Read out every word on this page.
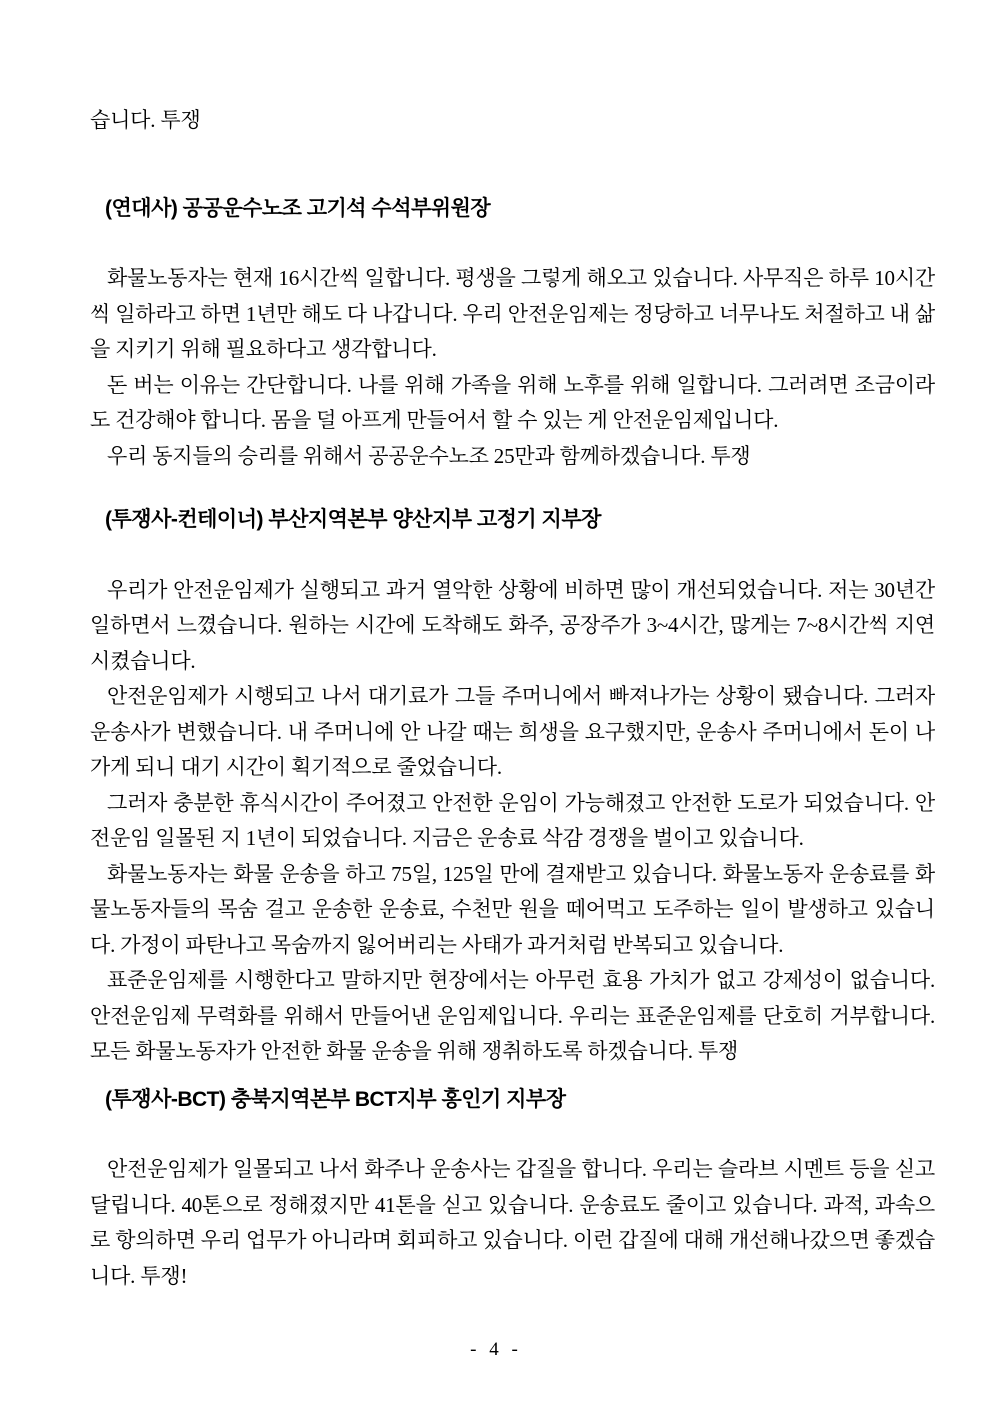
습니다. 투쟁

(연대사) 공공운수노조 고기석 수석부위원장

화물노동자는 현재 16시간씩 일합니다. 평생을 그렇게 해오고 있습니다. 사무직은 하루 10시간씩 일하라고 하면 1년만 해도 다 나갑니다. 우리 안전운임제는 정당하고 너무나도 처절하고 내 삶을 지키기 위해 필요하다고 생각합니다.

돈 버는 이유는 간단합니다. 나를 위해 가족을 위해 노후를 위해 일합니다. 그러려면 조금이라도 건강해야 합니다. 몸을 덜 아프게 만들어서 할 수 있는 게 안전운임제입니다.

우리 동지들의 승리를 위해서 공공운수노조 25만과 함께하겠습니다. 투쟁

(투쟁사-컨테이너) 부산지역본부 양산지부 고정기 지부장

우리가 안전운임제가 실행되고 과거 열악한 상황에 비하면 많이 개선되었습니다. 저는 30년간 일하면서 느꼈습니다. 원하는 시간에 도착해도 화주, 공장주가 3~4시간, 많게는 7~8시간씩 지연시켰습니다.

안전운임제가 시행되고 나서 대기료가 그들 주머니에서 빠져나가는 상황이 됐습니다. 그러자 운송사가 변했습니다. 내 주머니에 안 나갈 때는 희생을 요구했지만, 운송사 주머니에서 돈이 나가게 되니 대기 시간이 획기적으로 줄었습니다.

그러자 충분한 휴식시간이 주어졌고 안전한 운임이 가능해졌고 안전한 도로가 되었습니다. 안전운임 일몰된 지 1년이 되었습니다. 지금은 운송료 삭감 경쟁을 벌이고 있습니다.

화물노동자는 화물 운송을 하고 75일, 125일 만에 결재받고 있습니다. 화물노동자 운송료를 화물노동자들의 목숨 걸고 운송한 운송료, 수천만 원을 떼어먹고 도주하는 일이 발생하고 있습니다. 가정이 파탄나고 목숨까지 잃어버리는 사태가 과거처럼 반복되고 있습니다.

표준운임제를 시행한다고 말하지만 현장에서는 아무런 효용 가치가 없고 강제성이 없습니다. 안전운임제 무력화를 위해서 만들어낸 운임제입니다. 우리는 표준운임제를 단호히 거부합니다. 모든 화물노동자가 안전한 화물 운송을 위해 쟁취하도록 하겠습니다. 투쟁

(투쟁사-BCT) 충북지역본부 BCT지부 홍인기 지부장

안전운임제가 일몰되고 나서 화주나 운송사는 갑질을 합니다. 우리는 슬라브 시멘트 등을 싣고 달립니다. 40톤으로 정해졌지만 41톤을 싣고 있습니다. 운송료도 줄이고 있습니다. 과적, 과속으로 항의하면 우리 업무가 아니라며 회피하고 있습니다. 이런 갑질에 대해 개선해나갔으면 좋겠습니다. 투쟁!

- 4 -
